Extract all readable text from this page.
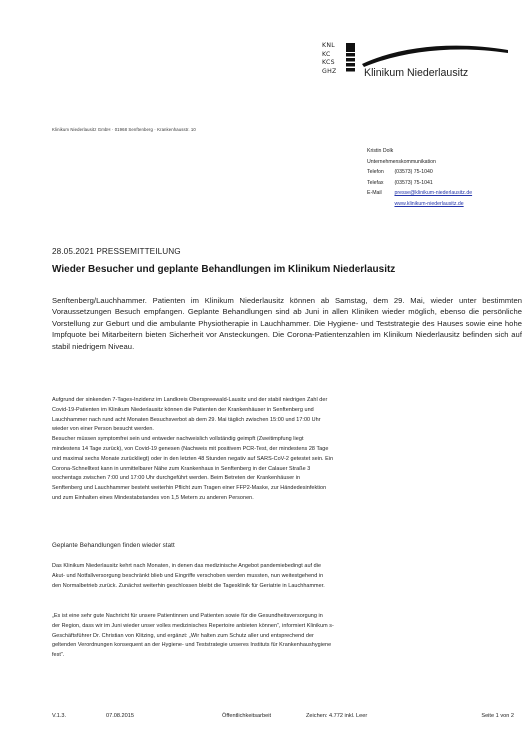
KNL
KC
KCS
GHZ	Klinikum Niederlausitz
Klinikum Niederlausitz GmbH · 01968 Senftenberg · Krankenhausstr. 10
Kristin Dolk
Unternehmenskommunikation
Telefon (03573) 75-1040
Telefax (03573) 75-1041
E-Mail presse@klinikum-niederlausitz.de
www.klinikum-niederlausitz.de
28.05.2021 PRESSEMITTEILUNG
Wieder Besucher und geplante Behandlungen im Klinikum Niederlausitz
Senftenberg/Lauchhammer. Patienten im Klinikum Niederlausitz können ab Samstag, dem 29. Mai, wieder unter bestimmten Voraussetzungen Besuch empfangen. Geplante Behandlungen sind ab Juni in allen Kliniken wieder möglich, ebenso die persönliche Vorstellung zur Geburt und die ambulante Physiotherapie in Lauchhammer. Die Hygiene- und Teststrategie des Hauses sowie eine hohe Impfquote bei Mitarbeitern bieten Sicherheit vor Ansteckungen. Die Corona-Patientenzahlen im Klinikum Niederlausitz befinden sich auf stabil niedrigem Niveau.
Aufgrund der sinkenden 7-Tages-Inzidenz im Landkreis Oberspreewald-Lausitz und der stabil niedrigen Zahl der
Covid-19-Patienten im Klinikum Niederlausitz können die Patienten der Krankenhäuser in Senftenberg und
Lauchhammer nach rund acht Monaten Besuchsverbot ab dem 29. Mai täglich zwischen 15:00 und 17:00 Uhr
wieder von einer Person besucht werden.
Besucher müssen symptomfrei sein und entweder nachweislich vollständig geimpft (Zweitimpfung liegt
mindestens 14 Tage zurück), von Covid-19 genesen (Nachweis mit positivem PCR-Test, der mindestens 28 Tage
und maximal sechs Monate zurückliegt) oder in den letzten 48 Stunden negativ auf SARS-CoV-2 getestet sein. Ein
Corona-Schnelltest kann in unmittelbarer Nähe zum Krankenhaus in Senftenberg in der Calauer Straße 3
wochentags zwischen 7:00 und 17:00 Uhr durchgeführt werden. Beim Betreten der Krankenhäuser in
Senftenberg und Lauchhammer besteht weiterhin Pflicht zum Tragen einer FFP2-Maske, zur Händedesinfektion
und zum Einhalten eines Mindestabstandes von 1,5 Metern zu anderen Personen.
Geplante Behandlungen finden wieder statt
Das Klinikum Niederlausitz kehrt nach Monaten, in denen das medizinische Angebot pandemiebedingt auf die
Akut- und Notfallversorgung beschränkt blieb und Eingriffe verschoben werden mussten, nun weitestgehend in
den Normalbetrieb zurück. Zunächst weiterhin geschlossen bleibt die Tagesklinik für Geriatrie in Lauchhammer.
„Es ist eine sehr gute Nachricht für unsere Patientinnen und Patienten sowie für die Gesundheitsversorgung in
der Region, dass wir im Juni wieder unser volles medizinisches Repertoire anbieten können“, informiert Klinikum s-
Geschäftsführer Dr. Christian von Klitzing, und ergänzt: „Wir halten zum Schutz aller und entsprechend der
geltenden Verordnungen konsequent an der Hygiene- und Teststrategie unseres Instituts für Krankenhaushygiene
fest“.
V.1.3.	07.08.2015	Öffentlichkeitsarbeit	Zeichen: 4.772 inkl. Leer	Seite 1 von 2
